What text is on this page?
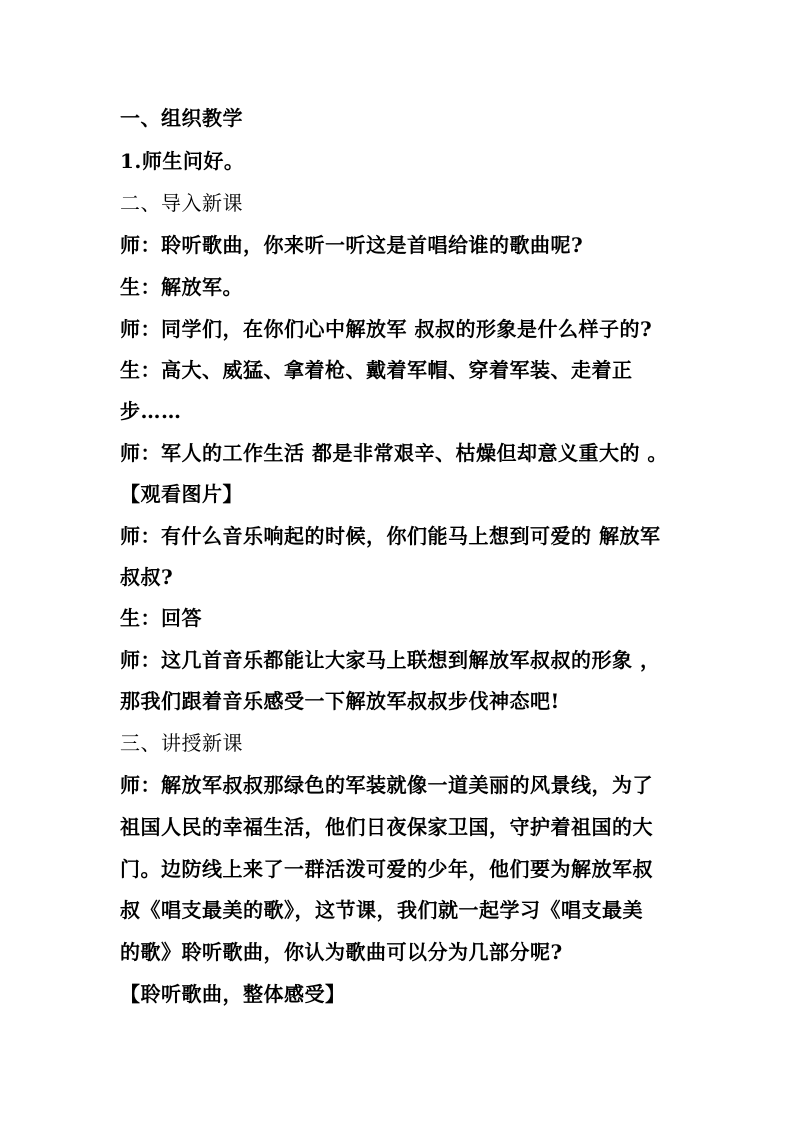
一、组织教学
1.师生问好。
二、导入新课
师：聆听歌曲，你来听一听这是首唱给谁的歌曲呢?
生：解放军。
师：同学们，在你们心中解放军 叔叔的形象是什么样子的?
生：高大、威猛、拿着枪、戴着军帽、穿着军装、走着正
步……
师：军人的工作生活 都是非常艰辛、枯燥但却意义重大的 。
【观看图片】
师：有什么音乐响起的时候，你们能马上想到可爱的 解放军
叔叔?
生：回答
师：这几首音乐都能让大家马上联想到解放军叔叔的形象 ，
那我们跟着音乐感受一下解放军叔叔步伐神态吧!
三、讲授新课
师：解放军叔叔那绿色的军装就像一道美丽的风景线，为了
祖国人民的幸福生活，他们日夜保家卫国，守护着祖国的大
门。边防线上来了一群活泼可爱的少年，他们要为解放军叔
叔《唱支最美的歌》，这节课，我们就一起学习《唱支最美
的歌》聆听歌曲，你认为歌曲可以分为几部分呢?
【聆听歌曲，整体感受】
